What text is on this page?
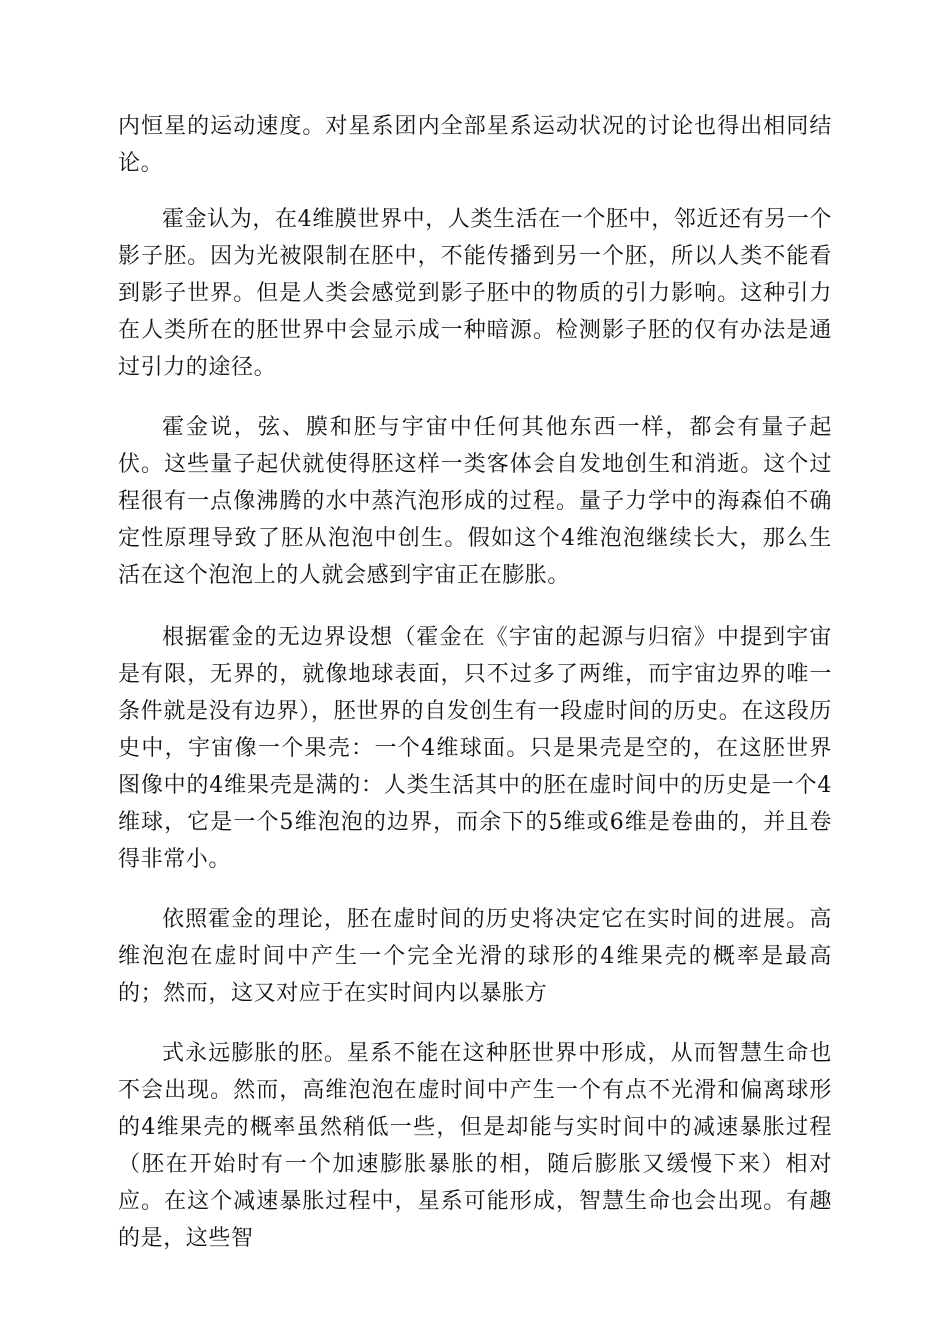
内恒星的运动速度。对星系团内全部星系运动状况的讨论也得出相同结论。

霍金认为，在4维膜世界中，人类生活在一个胚中，邻近还有另一个影子胚。因为光被限制在胚中，不能传播到另一个胚，所以人类不能看到影子世界。但是人类会感觉到影子胚中的物质的引力影响。这种引力在人类所在的胚世界中会显示成一种暗源。检测影子胚的仅有办法是通过引力的途径。

霍金说，弦、膜和胚与宇宙中任何其他东西一样，都会有量子起伏。这些量子起伏就使得胚这样一类客体会自发地创生和消逝。这个过程很有一点像沸腾的水中蒸汽泡形成的过程。量子力学中的海森伯不确定性原理导致了胚从泡泡中创生。假如这个4维泡泡继续长大，那么生活在这个泡泡上的人就会感到宇宙正在膨胀。

根据霍金的无边界设想（霍金在《宇宙的起源与归宿》中提到宇宙是有限，无界的，就像地球表面，只不过多了两维，而宇宙边界的唯一条件就是没有边界），胚世界的自发创生有一段虚时间的历史。在这段历史中，宇宙像一个果壳：一个4维球面。只是果壳是空的，在这胚世界图像中的4维果壳是满的：人类生活其中的胚在虚时间中的历史是一个4维球，它是一个5维泡泡的边界，而余下的5维或6维是卷曲的，并且卷得非常小。

依照霍金的理论，胚在虚时间的历史将决定它在实时间的进展。高维泡泡在虚时间中产生一个完全光滑的球形的4维果壳的概率是最高的；然而，这又对应于在实时间内以暴胀方

式永远膨胀的胚。星系不能在这种胚世界中形成，从而智慧生命也不会出现。然而，高维泡泡在虚时间中产生一个有点不光滑和偏离球形的4维果壳的概率虽然稍低一些，但是却能与实时间中的减速暴胀过程（胚在开始时有一个加速膨胀暴胀的相，随后膨胀又缓慢下来）相对应。在这个减速暴胀过程中，星系可能形成，智慧生命也会出现。有趣的是，这些智
